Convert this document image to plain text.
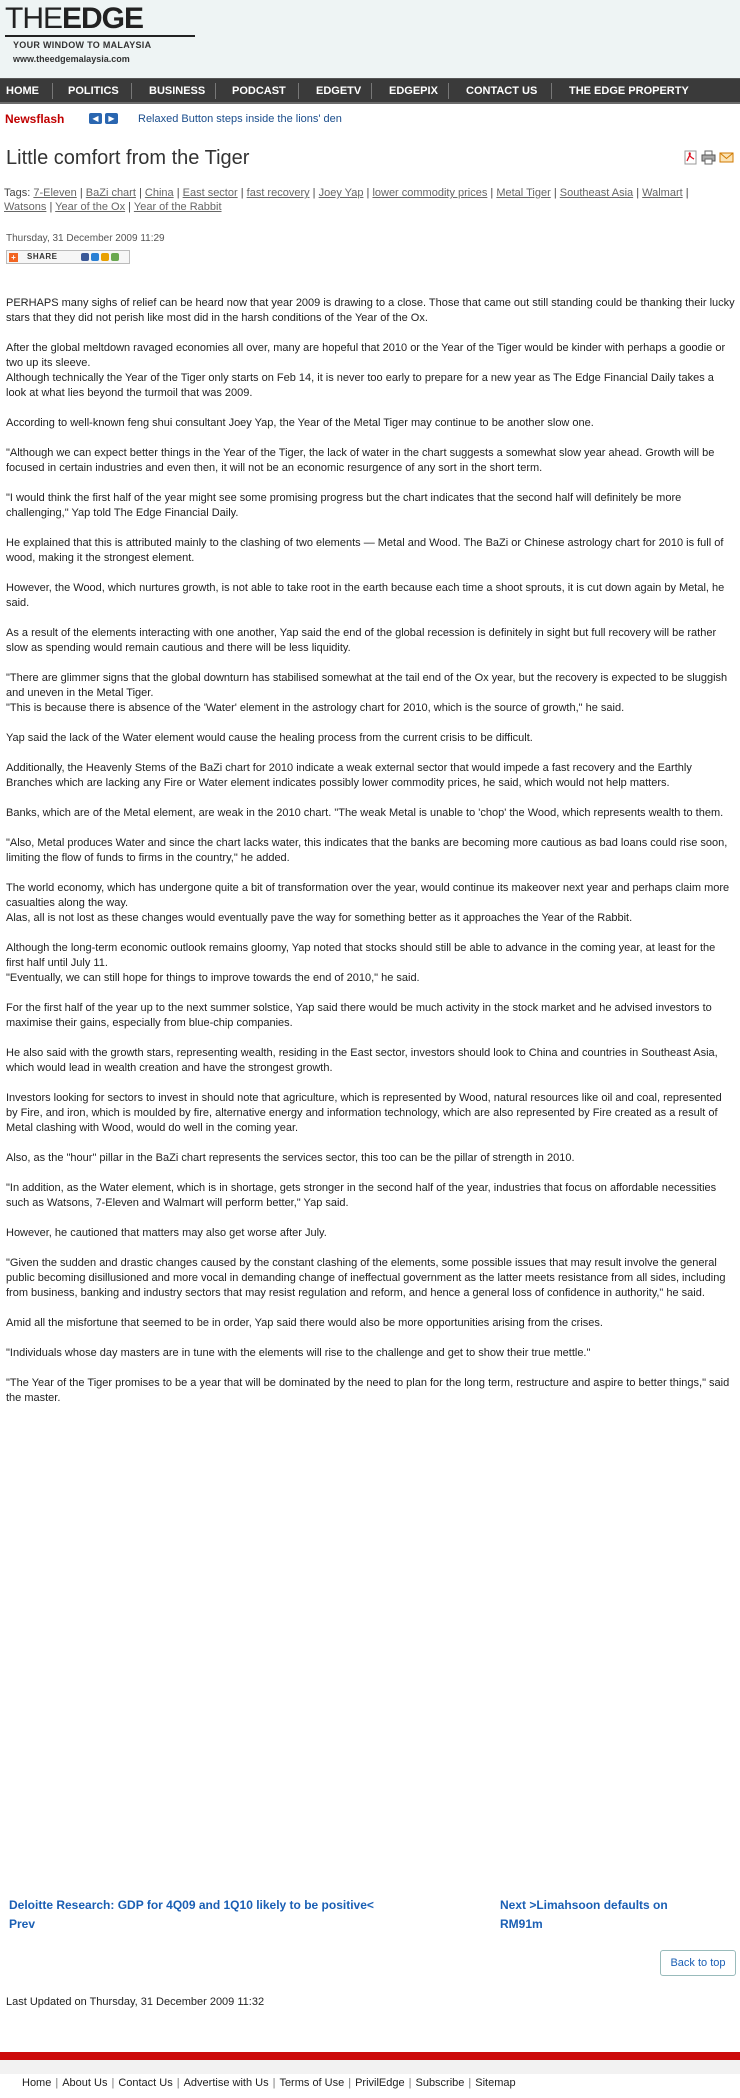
THEEDGE
YOUR WINDOW TO MALAYSIA
www.theedgemalaysia.com
HOME	POLITICS	BUSINESS PODCAST	EDGETV	EDGEPIX	CONTACT US	THE EDGE PROPERTY
Newsflash	◀	▶	Relaxed Button steps inside the lions' den
Little comfort from the Tiger
Tags: 7-Eleven | BaZi chart | China | East sector | fast recovery | Joey Yap | lower commodity prices | Metal Tiger | Southeast Asia | Walmart | Watsons | Year of the Ox | Year of the Rabbit
Thursday, 31 December 2009 11:29
+ SHARE

PERHAPS many sighs of relief can be heard now that year 2009 is drawing to a close. Those that came out still standing could be thanking their lucky stars that they did not perish like most did in the harsh conditions of the Year of the Ox.

After the global meltdown ravaged economies all over, many are hopeful that 2010 or the Year of the Tiger would be kinder with perhaps a goodie or two up its sleeve.
Although technically the Year of the Tiger only starts on Feb 14, it is never too early to prepare for a new year as The Edge Financial Daily takes a look at what lies beyond the turmoil that was 2009.

According to well-known feng shui consultant Joey Yap, the Year of the Metal Tiger may continue to be another slow one.

"Although we can expect better things in the Year of the Tiger, the lack of water in the chart suggests a somewhat slow year ahead. Growth will be focused in certain industries and even then, it will not be an economic resurgence of any sort in the short term.

"I would think the first half of the year might see some promising progress but the chart indicates that the second half will definitely be more challenging," Yap told The Edge Financial Daily.

He explained that this is attributed mainly to the clashing of two elements — Metal and Wood. The BaZi or Chinese astrology chart for 2010 is full of wood, making it the strongest element.

However, the Wood, which nurtures growth, is not able to take root in the earth because each time a shoot sprouts, it is cut down again by Metal, he said.

As a result of the elements interacting with one another, Yap said the end of the global recession is definitely in sight but full recovery will be rather slow as spending would remain cautious and there will be less liquidity.

"There are glimmer signs that the global downturn has stabilised somewhat at the tail end of the Ox year, but the recovery is expected to be sluggish and uneven in the Metal Tiger.
"This is because there is absence of the 'Water' element in the astrology chart for 2010, which is the source of growth," he said.

Yap said the lack of the Water element would cause the healing process from the current crisis to be difficult.

Additionally, the Heavenly Stems of the BaZi chart for 2010 indicate a weak external sector that would impede a fast recovery and the Earthly Branches which are lacking any Fire or Water element indicates possibly lower commodity prices, he said, which would not help matters.

Banks, which are of the Metal element, are weak in the 2010 chart. "The weak Metal is unable to 'chop' the Wood, which represents wealth to them.

"Also, Metal produces Water and since the chart lacks water, this indicates that the banks are becoming more cautious as bad loans could rise soon, limiting the flow of funds to firms in the country," he added.

The world economy, which has undergone quite a bit of transformation over the year, would continue its makeover next year and perhaps claim more casualties along the way.
Alas, all is not lost as these changes would eventually pave the way for something better as it approaches the Year of the Rabbit.

Although the long-term economic outlook remains gloomy, Yap noted that stocks should still be able to advance in the coming year, at least for the first half until July 11.
"Eventually, we can still hope for things to improve towards the end of 2010," he said.

For the first half of the year up to the next summer solstice, Yap said there would be much activity in the stock market and he advised investors to maximise their gains, especially from blue-chip companies.

He also said with the growth stars, representing wealth, residing in the East sector, investors should look to China and countries in Southeast Asia, which would lead in wealth creation and have the strongest growth.

Investors looking for sectors to invest in should note that agriculture, which is represented by Wood, natural resources like oil and coal, represented by Fire, and iron, which is moulded by fire, alternative energy and information technology, which are also represented by Fire created as a result of Metal clashing with Wood, would do well in the coming year.

Also, as the "hour" pillar in the BaZi chart represents the services sector, this too can be the pillar of strength in 2010.

"In addition, as the Water element, which is in shortage, gets stronger in the second half of the year, industries that focus on affordable necessities such as Watsons, 7-Eleven and Walmart will perform better," Yap said.

However, he cautioned that matters may also get worse after July.

"Given the sudden and drastic changes caused by the constant clashing of the elements, some possible issues that may result involve the general public becoming disillusioned and more vocal in demanding change of ineffectual government as the latter meets resistance from all sides, including from business, banking and industry sectors that may resist regulation and reform, and hence a general loss of confidence in authority," he said.

Amid all the misfortune that seemed to be in order, Yap said there would also be more opportunities arising from the crises.

"Individuals whose day masters are in tune with the elements will rise to the challenge and get to show their true mettle."

"The Year of the Tiger promises to be a year that will be dominated by the need to plan for the long term, restructure and aspire to better things," said the master.

Deloitte Research: GDP for 4Q09 and 1Q10 likely to be positive<
Prev
Next >Limahsoon defaults on
RM91m
Back to top
Last Updated on Thursday, 31 December 2009 11:32
Home | About Us | Contact Us | Advertise with Us | Terms of Use | PrivilEdge | Subscribe | Sitemap
